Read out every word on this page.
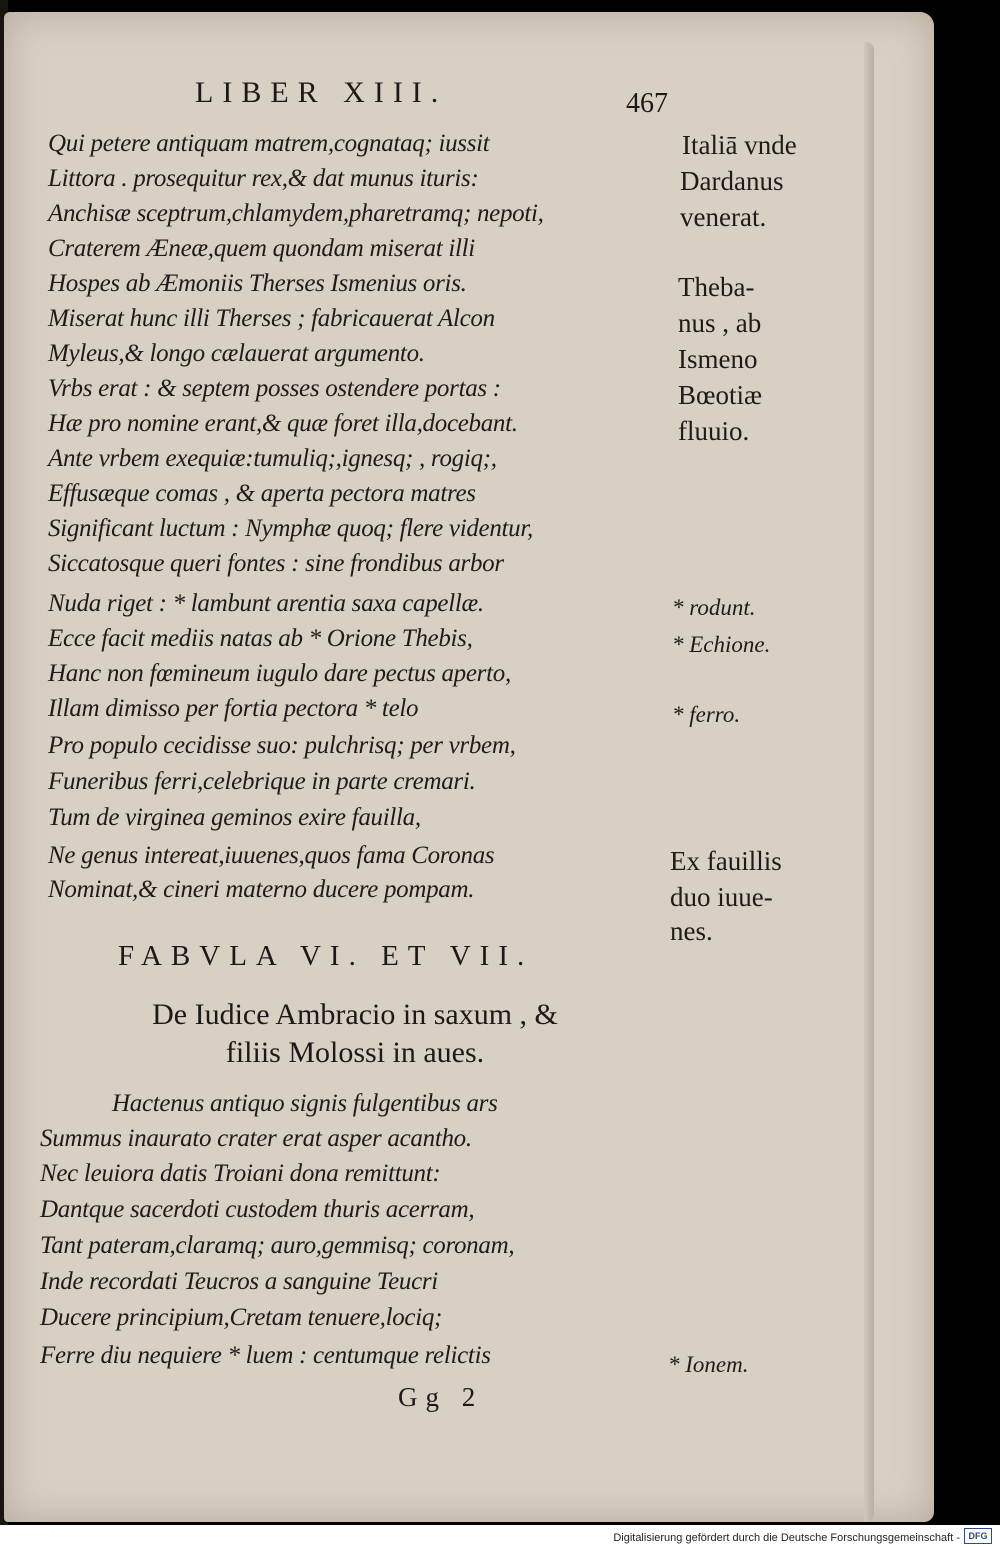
LIBER XIII.	467
Qui petere antiquam matrem,cognataq; iussit
Littora . prosequitur rex,& dat munus ituris:
Anchisæ sceptrum,chlamydem,pharetramq; nepoti,
Craterem Æneæ,quem quondam miserat illi
Hospes ab Æmoniis Therses Ismenius oris.
Miserat hunc illi Therses ; fabricauerat Alcon
Myleus,& longo cælauerat argumento.
Vrbs erat : & septem posses ostendere portas :
Hæ pro nomine erant,& quæ foret illa,docebant.
Ante vrbem exequiæ:tumuliq;,ignesq; , rogiq;,
Effusæque comas , & aperta pectora matres
Significant luctum : Nymphæ quoq; flere videntur,
Siccatosque queri fontes : sine frondibus arbor
Nuda riget : * lambunt arentia saxa capellæ.
Ecce facit mediis natas ab * Orione Thebis,
Hanc non fœmineum iugulo dare pectus aperto,
Illam dimisso per fortia pectora * telo
Pro populo cecidisse suo: pulchrisq; per vrbem,
Funeribus ferri,celebrique in parte cremari.
Tum de virginea geminos exire fauilla,
Ne genus intereat,iuuenes,quos fama Coronas
Nominat,& cineri materno ducere pompam.
Italiā vnde
Dardanus
venerat.
Theba-
nus , ab
Ismeno
Bœotiæ
fluuio.
* rodunt.
* Echione.
* ferro.
Ex fauillis
duo iuue-
nes.
* Ionem.
FABVLA VI. ET VII.
De Iudice Ambracio in saxum , &
filiis Molossi in aues.
Hactenus antiquo signis fulgentibus ars
Summus inaurato crater erat asper acantho.
Nec leuiora datis Troiani dona remittunt:
Dantque sacerdoti custodem thuris acerram,
Tant pateram,claramq; auro,gemmisq; coronam,
Inde recordati Teucros a sanguine Teucri
Ducere principium,Cretam tenuere,lociq;
Ferre diu nequiere * luem : centumque relictis
Gg 2
Digitalisierung gefördert durch die Deutsche Forschungsgemeinschaft - DFG
